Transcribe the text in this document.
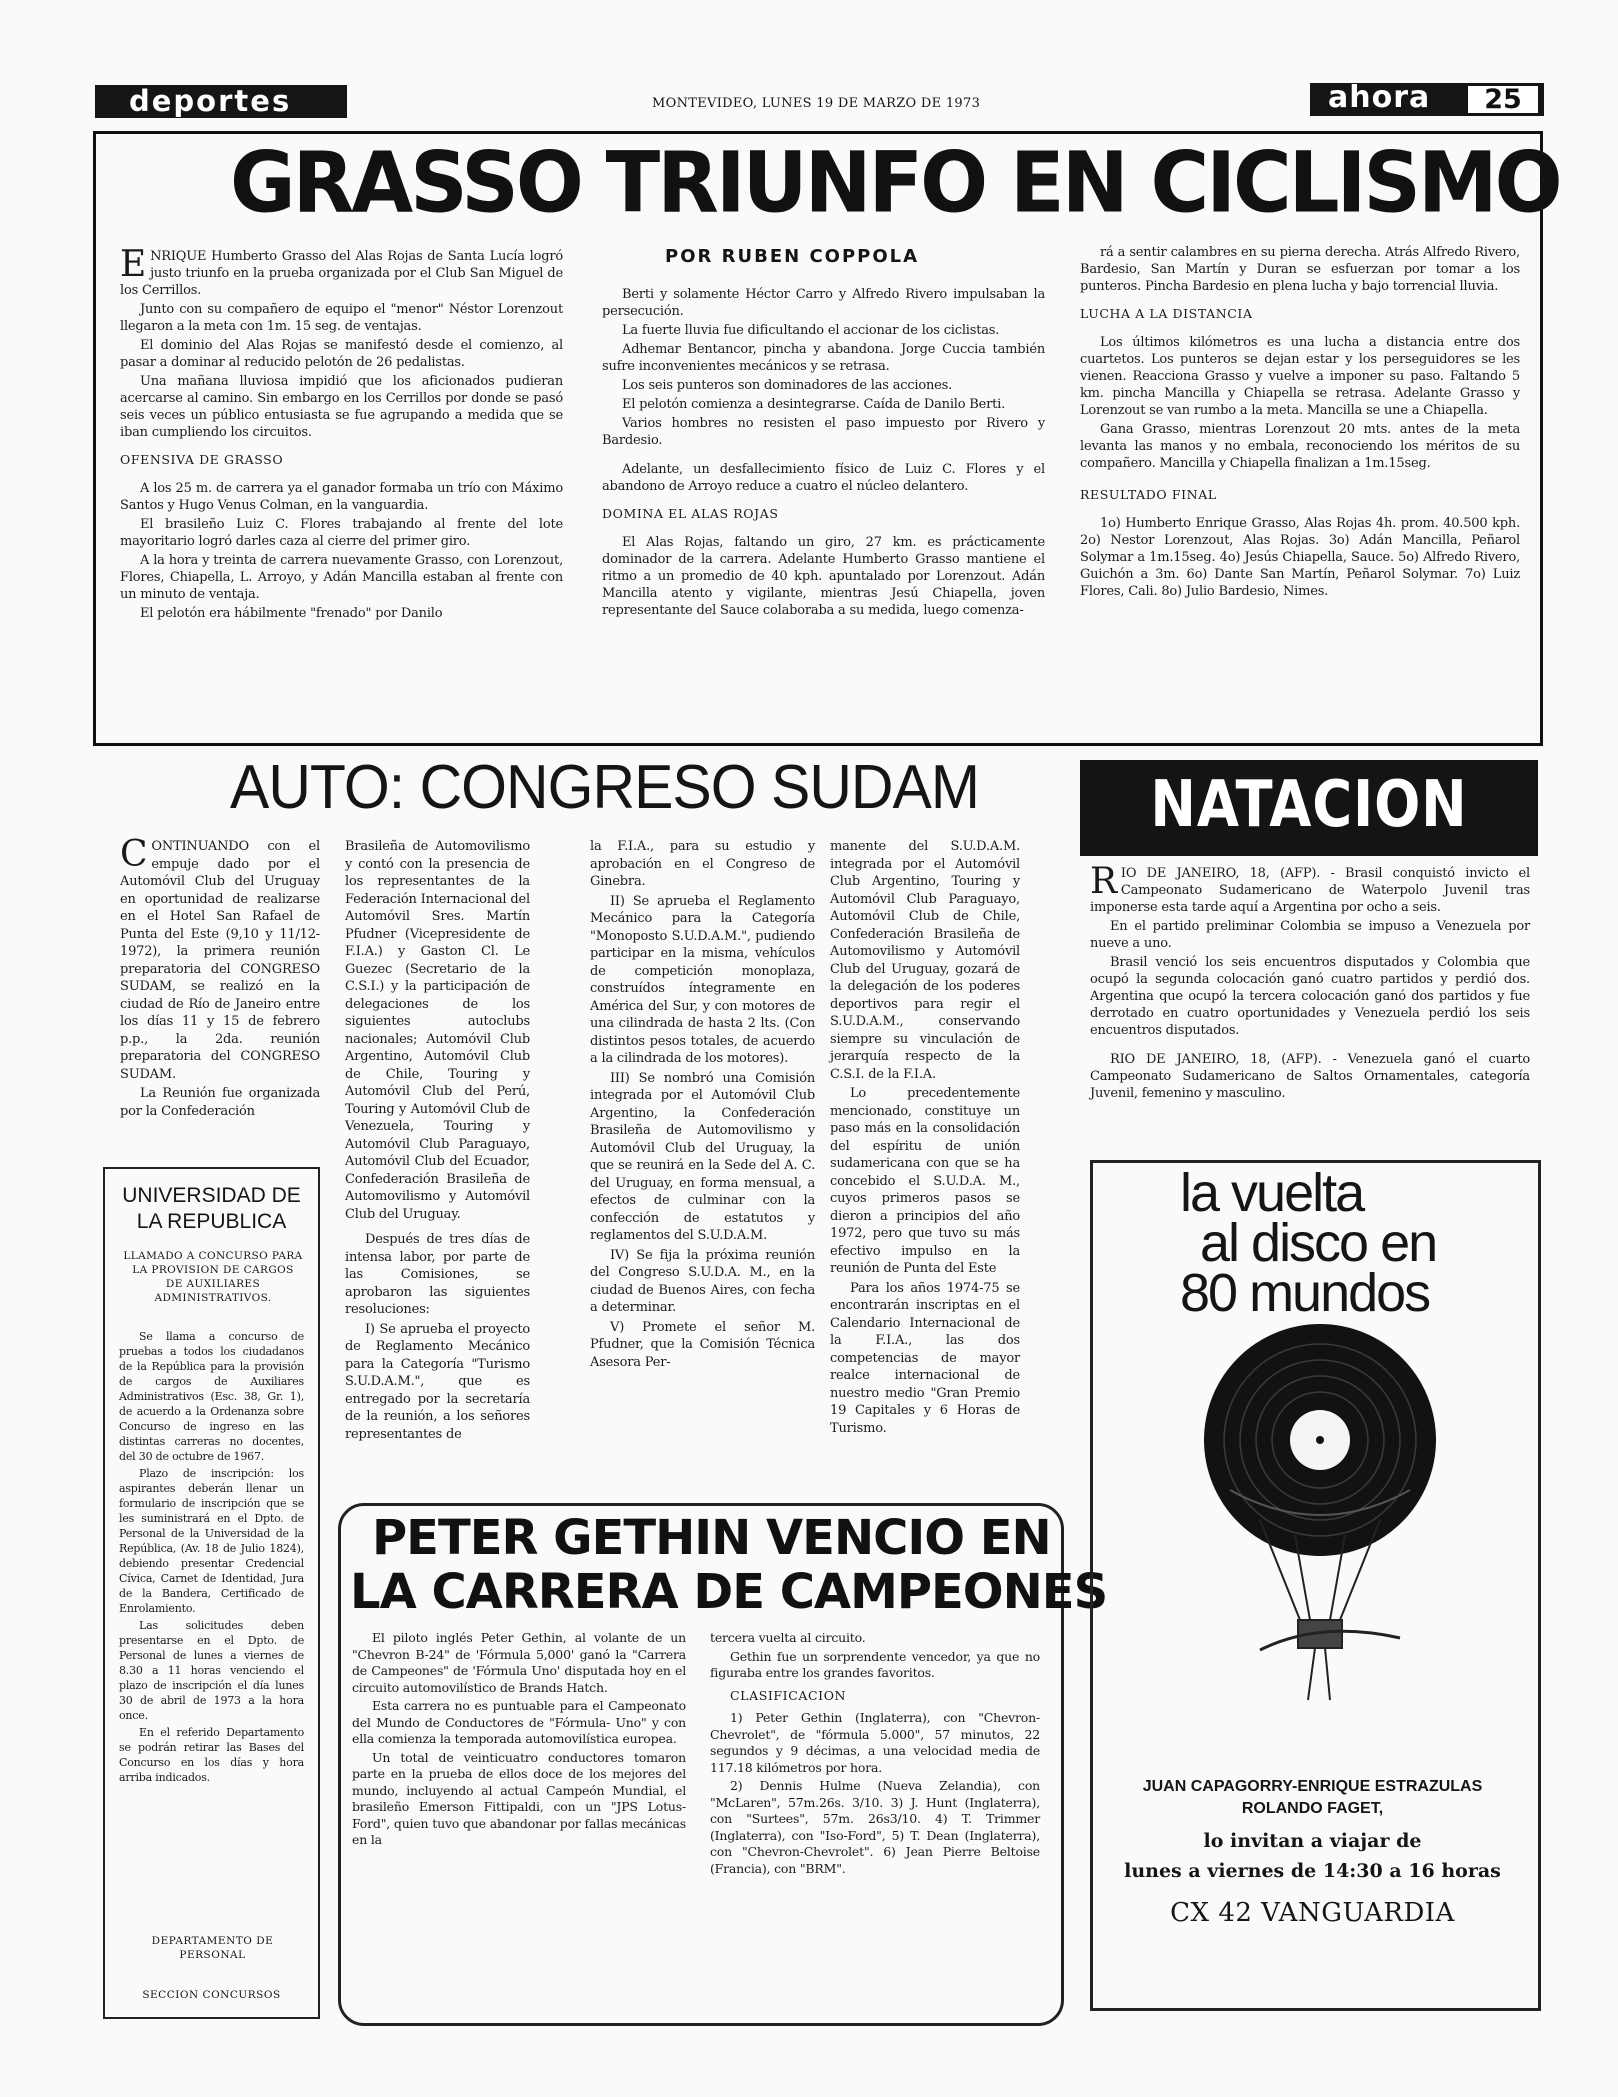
deportes	MONTEVIDEO, LUNES 19 DE MARZO DE 1973	ahora	25
GRASSO TRIUNFO EN CICLISMO
POR RUBEN COPPOLA
E NRIQUE Humberto Grasso del Alas Rojas de Santa Lucía logró justo triunfo en la prueba organizada por el Club San Miguel de los Cerrillos.

Junto con su compañero de equipo el "menor" Néstor Lorenzout llegaron a la meta con 1m. 15 seg. de ventajas.

El dominio del Alas Rojas se manifestó desde el comienzo, al pasar a dominar al reducido pelotón de 26 pedalistas.

Una mañana lluviosa impidió que los aficionados pudieran acercarse al camino. Sin embargo en los Cerrillos por donde se pasó seis veces un público entusiasta se fue agrupando a medida que se iban cumpliendo los circuitos.

OFENSIVA DE GRASSO

A los 25 m. de carrera ya el ganador formaba un trío con Máximo Santos y Hugo Venus Colman, en la vanguardia.

El brasileño Luiz C. Flores trabajando al frente del lote mayoritario logró darles caza al cierre del primer giro.

A la hora y treinta de carrera nuevamente Grasso, con Lorenzout, Flores, Chiapella, L. Arroyo, y Adán Mancilla estaban al frente con un minuto de ventaja.

El pelotón era hábilmente "frenado" por Danilo

Berti y solamente Héctor Carro y Alfredo Rivero impulsaban la persecución.

La fuerte lluvia fue dificultando el accionar de los ciclistas.

Adhemar Bentancor, pincha y abandona. Jorge Cuccia también sufre inconvenientes mecánicos y se retrasa.

Los seis punteros son dominadores de las acciones.

El pelotón comienza a desintegrarse. Caída de Danilo Berti.

Varios hombres no resisten el paso impuesto por Rivero y Bardesio.

Adelante, un desfallecimiento físico de Luiz C. Flores y el abandono de Arroyo reduce a cuatro el núcleo delantero.

DOMINA EL ALAS ROJAS

El Alas Rojas, faltando un giro, 27 km. es prácticamente dominador de la carrera. Adelante Humberto Grasso mantiene el ritmo a un promedio de 40 kph. apuntalado por Lorenzout. Adán Mancilla atento y vigilante, mientras Jesú Chiapella, joven representante del Sauce colaboraba a su medida, luego comenza-

rá a sentir calambres en su pierna derecha. Atrás Alfredo Rivero, Bardesio, San Martín y Duran se esfuerzan por tomar a los punteros. Pincha Bardesio en plena lucha y bajo torrencial lluvia.

LUCHA A LA DISTANCIA

Los últimos kilómetros es una lucha a distancia entre dos cuartetos. Los punteros se dejan estar y los perseguidores se les vienen. Reacciona Grasso y vuelve a imponer su paso. Faltando 5 km. pincha Mancilla y Chiapella se retrasa. Adelante Grasso y Lorenzout se van rumbo a la meta. Mancilla se une a Chiapella.

Gana Grasso, mientras Lorenzout 20 mts. antes de la meta levanta las manos y no embala, reconociendo los méritos de su compañero. Mancilla y Chiapella finalizan a 1m.15seg.

RESULTADO FINAL

1o) Humberto Enrique Grasso, Alas Rojas 4h. prom. 40.500 kph. 2o) Nestor Lorenzout, Alas Rojas. 3o) Adán Mancilla, Peñarol Solymar a 1m.15seg. 4o) Jesús Chiapella, Sauce. 5o) Alfredo Rivero, Guichón a 3m. 6o) Dante San Martín, Peñarol Solymar. 7o) Luiz Flores, Cali. 8o) Julio Bardesio, Nimes.

AUTO: CONGRESO SUDAM
C ONTINUANDO con el empuje dado por el Automóvil Club del Uruguay en oportunidad de realizarse en el Hotel San Rafael de Punta del Este (9,10 y 11/12-1972), la primera reunión preparatoria del CONGRESO SUDAM, se realizó en la ciudad de Río de Janeiro entre los días 11 y 15 de febrero p.p., la 2da. reunión preparatoria del CONGRESO SUDAM.

La Reunión fue organizada por la Confederación

Brasileña de Automovilismo y contó con la presencia de los representantes de la Federación Internacional del Automóvil Sres. Martín Pfudner (Vicepresidente de F.I.A.) y Gaston Cl. Le Guezec (Secretario de la C.S.I.) y la participación de delegaciones de los siguientes autoclubs nacionales; Automóvil Club Argentino, Automóvil Club de Chile, Touring y Automóvil Club del Perú, Touring y Automóvil Club de Venezuela, Touring y Automóvil Club Paraguayo, Automóvil Club del Ecuador, Confederación Brasileña de Automovilismo y Automóvil Club del Uruguay.

Después de tres días de intensa labor, por parte de las Comisiones, se aprobaron las siguientes resoluciones:

I) Se aprueba el proyecto de Reglamento Mecánico para la Categoría "Turismo S.U.D.A.M.", que es entregado por la secretaría de la reunión, a los señores representantes de

la F.I.A., para su estudio y aprobación en el Congreso de Ginebra.

II) Se aprueba el Reglamento Mecánico para la Categoría "Monoposto S.U.D.A.M.", pudiendo participar en la misma, vehículos de competición monoplaza, construídos íntegramente en América del Sur, y con motores de una cilindrada de hasta 2 lts. (Con distintos pesos totales, de acuerdo a la cilindrada de los motores).

III) Se nombró una Comisión integrada por el Automóvil Club Argentino, la Confederación Brasileña de Automovilismo y Automóvil Club del Uruguay, la que se reunirá en la Sede del A. C. del Uruguay, en forma mensual, a efectos de culminar con la confección de estatutos y reglamentos del S.U.D.A.M.

IV) Se fija la próxima reunión del Congreso S.U.D.A. M., en la ciudad de Buenos Aires, con fecha a determinar.

V) Promete el señor M. Pfudner, que la Comisión Técnica Asesora Per-

manente del S.U.D.A.M. integrada por el Automóvil Club Argentino, Touring y Automóvil Club Paraguayo, Automóvil Club de Chile, Confederación Brasileña de Automovilismo y Automóvil Club del Uruguay, gozará de la delegación de los poderes deportivos para regir el S.U.D.A.M., conservando siempre su vinculación de jerarquía respecto de la C.S.I. de la F.I.A.

Lo precedentemente mencionado, constituye un paso más en la consolidación del espíritu de unión sudamericana con que se ha concebido el S.U.D.A. M., cuyos primeros pasos se dieron a principios del año 1972, pero que tuvo su más efectivo impulso en la reunión de Punta del Este

Para los años 1974-75 se encontrarán inscriptas en el Calendario Internacional de la F.I.A., las dos competencias de mayor realce internacional de nuestro medio "Gran Premio 19 Capitales y 6 Horas de Turismo.

NATACION
R IO DE JANEIRO, 18, (AFP). - Brasil conquistó invicto el Campeonato Sudamericano de Waterpolo Juvenil tras imponerse esta tarde aquí a Argentina por ocho a seis.

En el partido preliminar Colombia se impuso a Venezuela por nueve a uno.

Brasil venció los seis encuentros disputados y Colombia que ocupó la segunda colocación ganó cuatro partidos y perdió dos. Argentina que ocupó la tercera colocación ganó dos partidos y fue derrotado en cuatro oportunidades y Venezuela perdió los seis encuentros disputados.

RIO DE JANEIRO, 18, (AFP). - Venezuela ganó el cuarto Campeonato Sudamericano de Saltos Ornamentales, categoría Juvenil, femenino y masculino.

UNIVERSIDAD DE
LA REPUBLICA
LLAMADO A CONCURSO PARA LA PROVISION DE CARGOS DE AUXILIARES ADMINISTRATIVOS.

Se llama a concurso de pruebas a todos los ciudadanos de la República para la provisión de cargos de Auxiliares Administrativos (Esc. 38, Gr. 1), de acuerdo a la Ordenanza sobre Concurso de ingreso en las distintas carreras no docentes, del 30 de octubre de 1967.

Plazo de inscripción: los aspirantes deberán llenar un formulario de inscripción que se les suministrará en el Dpto. de Personal de la Universidad de la República, (Av. 18 de Julio 1824), debiendo presentar Credencial Cívica, Carnet de Identidad, Jura de la Bandera, Certificado de Enrolamiento.

Las solicitudes deben presentarse en el Dpto. de Personal de lunes a viernes de 8.30 a 11 horas venciendo el plazo de inscripción el día lunes 30 de abril de 1973 a la hora once.

En el referido Departamento se podrán retirar las Bases del Concurso en los días y hora arriba indicados.

DEPARTAMENTO DE PERSONAL
SECCION CONCURSOS
PETER GETHIN VENCIO EN
LA CARRERA DE CAMPEONES

El piloto inglés Peter Gethin, al volante de un "Chevron B-24" de 'Fórmula 5,000' ganó la "Carrera de Campeones" de 'Fórmula Uno' disputada hoy en el circuito automovilístico de Brands Hatch.

Esta carrera no es puntuable para el Campeonato del Mundo de Conductores de "Fórmula- Uno" y con ella comienza la temporada automovilística europea.

Un total de veinticuatro conductores tomaron parte en la prueba de ellos doce de los mejores del mundo, incluyendo al actual Campeón Mundial, el brasileño Emerson Fittipaldi, con un "JPS Lotus- Ford", quien tuvo que abandonar por fallas mecánicas en la

tercera vuelta al circuito.

Gethin fue un sorprendente vencedor, ya que no figuraba entre los grandes favoritos.

CLASIFICACION

1) Peter Gethin (Inglaterra), con "Chevron-Chevrolet", de "fórmula 5.000", 57 minutos, 22 segundos y 9 décimas, a una velocidad media de 117.18 kilómetros por hora.

2) Dennis Hulme (Nueva Zelandia), con "McLaren", 57m.26s. 3/10. 3) J. Hunt (Inglaterra), con "Surtees", 57m. 26s3/10. 4) T. Trimmer (Inglaterra), con "Iso-Ford", 5) T. Dean (Inglaterra), con "Chevron-Chevrolet". 6) Jean Pierre Beltoise (Francia), con "BRM".

la vuelta
al disco en
80 mundos
JUAN CAPAGORRY-ENRIQUE ESTRAZULAS
ROLANDO FAGET,
lo invitan a viajar de
lunes a viernes de 14:30 a 16 horas
CX 42 VANGUARDIA
